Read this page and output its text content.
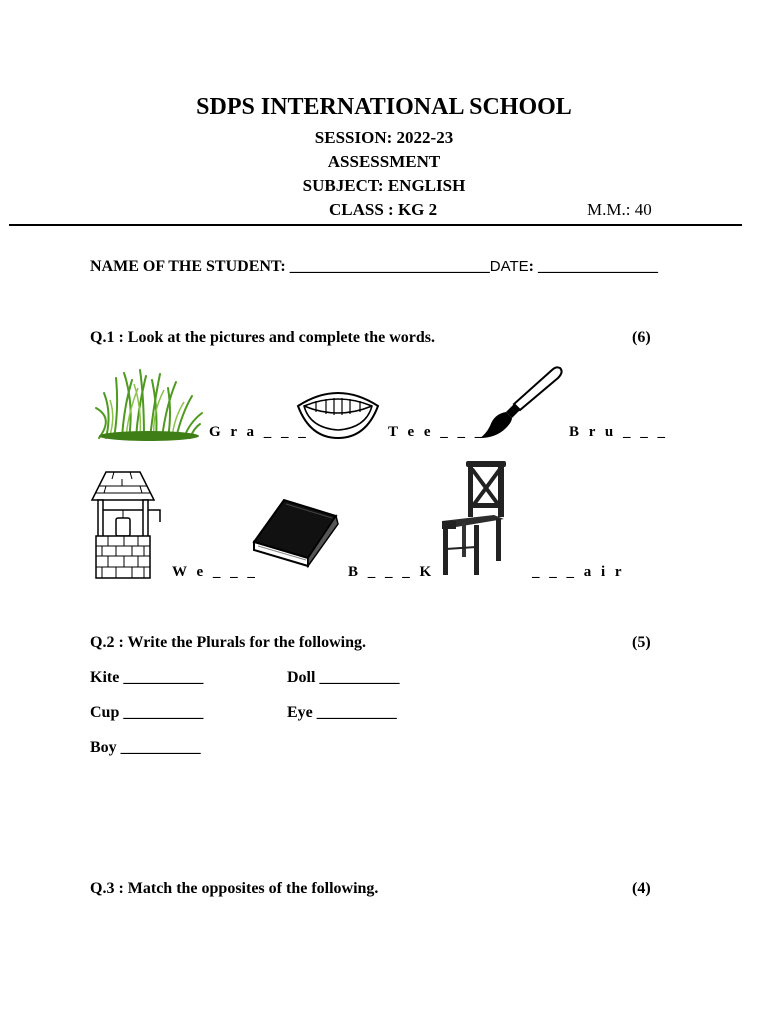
SDPS INTERNATIONAL SCHOOL
SESSION: 2022-23
ASSESSMENT
SUBJECT: ENGLISH
CLASS : KG 2	M.M.: 40
NAME OF THE STUDENT: _________________________DATE: _______________
Q.1 : Look at the pictures and complete the words.	(6)
G r a _ _ _	T e e _ _ _	B r u _ _ _
W e _ _ _	B _ _ _ K	_ _ _ a i r
Q.2 : Write the Plurals for the following.	(5)
Kite __________	Doll __________
Cup __________	Eye __________
Boy __________
Q.3 : Match the opposites of the following.	(4)
